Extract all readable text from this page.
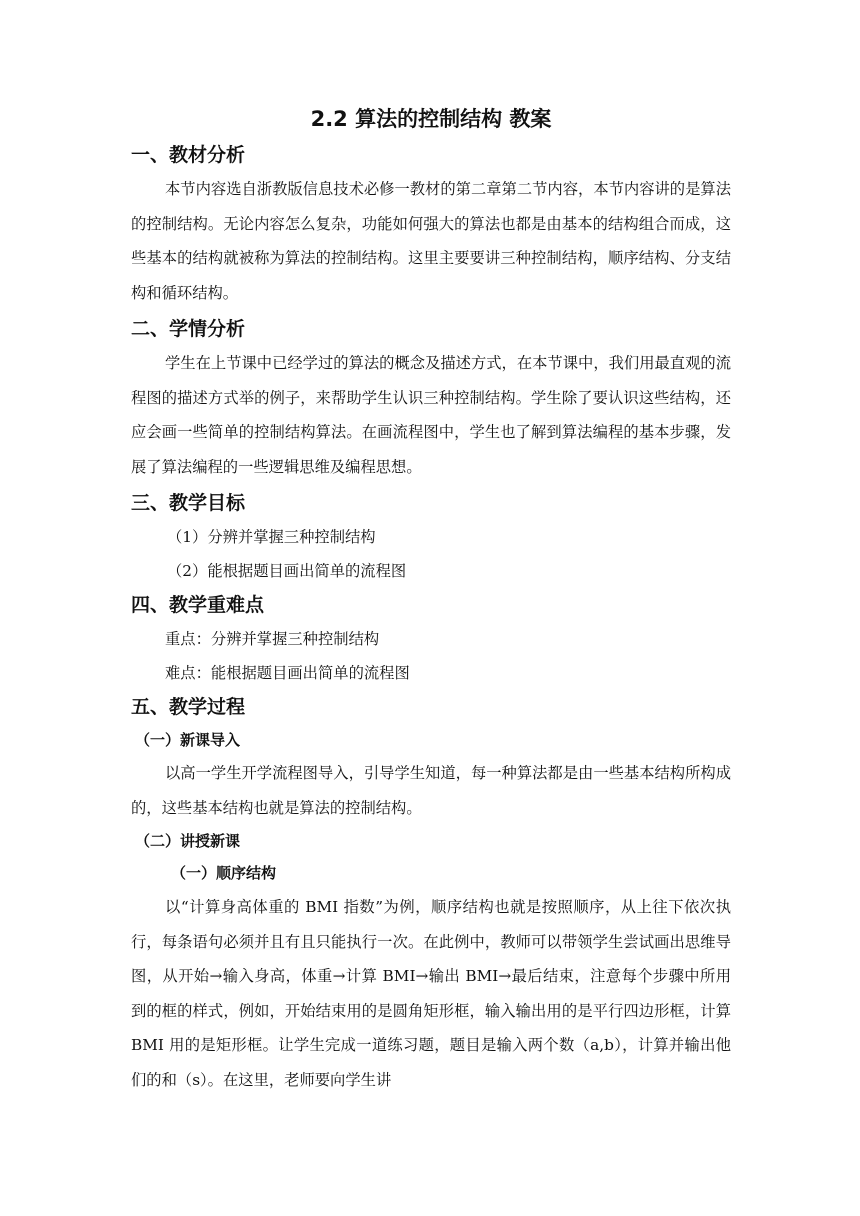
2.2 算法的控制结构 教案
一、教材分析

本节内容选自浙教版信息技术必修一教材的第二章第二节内容，本节内容讲的是算法的控制结构。无论内容怎么复杂，功能如何强大的算法也都是由基本的结构组合而成，这些基本的结构就被称为算法的控制结构。这里主要要讲三种控制结构，顺序结构、分支结构和循环结构。

二、学情分析

学生在上节课中已经学过的算法的概念及描述方式，在本节课中，我们用最直观的流程图的描述方式举的例子，来帮助学生认识三种控制结构。学生除了要认识这些结构，还应会画一些简单的控制结构算法。在画流程图中，学生也了解到算法编程的基本步骤，发展了算法编程的一些逻辑思维及编程思想。

三、教学目标
（1）分辨并掌握三种控制结构
（2）能根据题目画出简单的流程图
四、教学重难点
重点：分辨并掌握三种控制结构
难点：能根据题目画出简单的流程图
五、教学过程
（一）新课导入

以高一学生开学流程图导入，引导学生知道，每一种算法都是由一些基本结构所构成的，这些基本结构也就是算法的控制结构。

（二）讲授新课
（一）顺序结构

以“计算身高体重的 BMI 指数”为例，顺序结构也就是按照顺序，从上往下依次执行，每条语句必须并且有且只能执行一次。在此例中，教师可以带领学生尝试画出思维导图，从开始→输入身高，体重→计算 BMI→输出 BMI→最后结束，注意每个步骤中所用到的框的样式，例如，开始结束用的是圆角矩形框，输入输出用的是平行四边形框，计算 BMI 用的是矩形框。让学生完成一道练习题，题目是输入两个数（a,b），计算并输出他们的和（s）。在这里，老师要向学生讲
